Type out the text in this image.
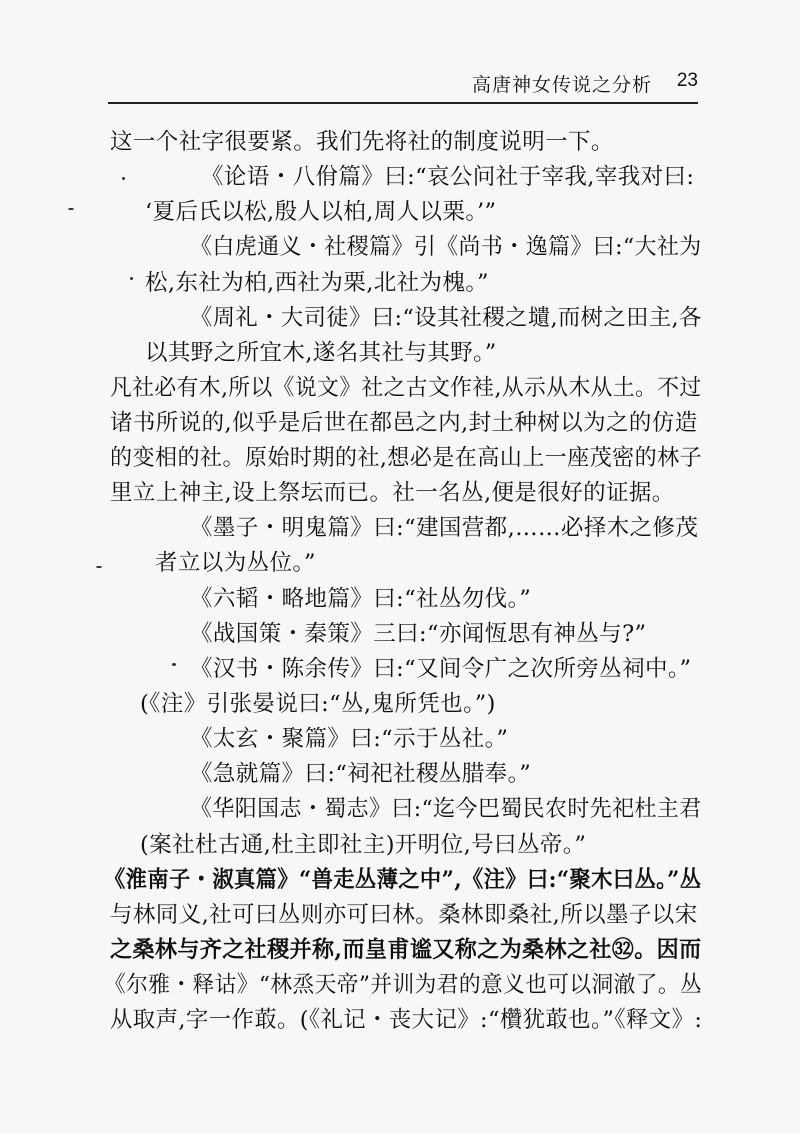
高唐神女传说之分析 23
这一个社字很要紧。我们先将社的制度说明一下。
《论语・八佾篇》曰:“哀公问社于宰我,宰我对曰:
‘夏后氏以松,殷人以柏,周人以栗。’”
《白虎通义・社稷篇》引《尚书・逸篇》曰:“大社为
松,东社为柏,西社为栗,北社为槐。”
《周礼・大司徒》曰:“设其社稷之壝,而树之田主,各
以其野之所宜木,遂名其社与其野。”
凡社必有木,所以《说文》社之古文作袿,从示从木从土。不过
诸书所说的,似乎是后世在都邑之内,封土种树以为之的仿造
的变相的社。原始时期的社,想必是在高山上一座茂密的林子
里立上神主,设上祭坛而已。社一名丛,便是很好的证据。
《墨子・明鬼篇》曰:“建国营都,……必择木之修茂
者立以为丛位。”
《六韬・略地篇》曰:“社丛勿伐。”
《战国策・秦策》三曰:“亦闻恆思有神丛与?”
《汉书・陈余传》曰:“又间令广之次所旁丛祠中。”
(《注》引张晏说曰:“丛,鬼所凭也。”)
《太玄・聚篇》曰:“示于丛社。”
《急就篇》曰:“祠祀社稷丛腊奉。”
《华阳国志・蜀志》曰:“迄今巴蜀民农时先祀杜主君
(案社杜古通,杜主即社主)开明位,号曰丛帝。”
《淮南子・淑真篇》“兽走丛薄之中”,《注》曰:“聚木曰丛。”丛
与林同义,社可曰丛则亦可曰林。桑林即桑社,所以墨子以宋
之桑林与齐之社稷并称,而皇甫谧又称之为桑林之社㉜。因而
《尔雅・释诂》“林烝天帝”并训为君的意义也可以洞澈了。丛
从取声,字一作菆。(《礼记・丧大记》:“欑犹菆也。”《释文》:
